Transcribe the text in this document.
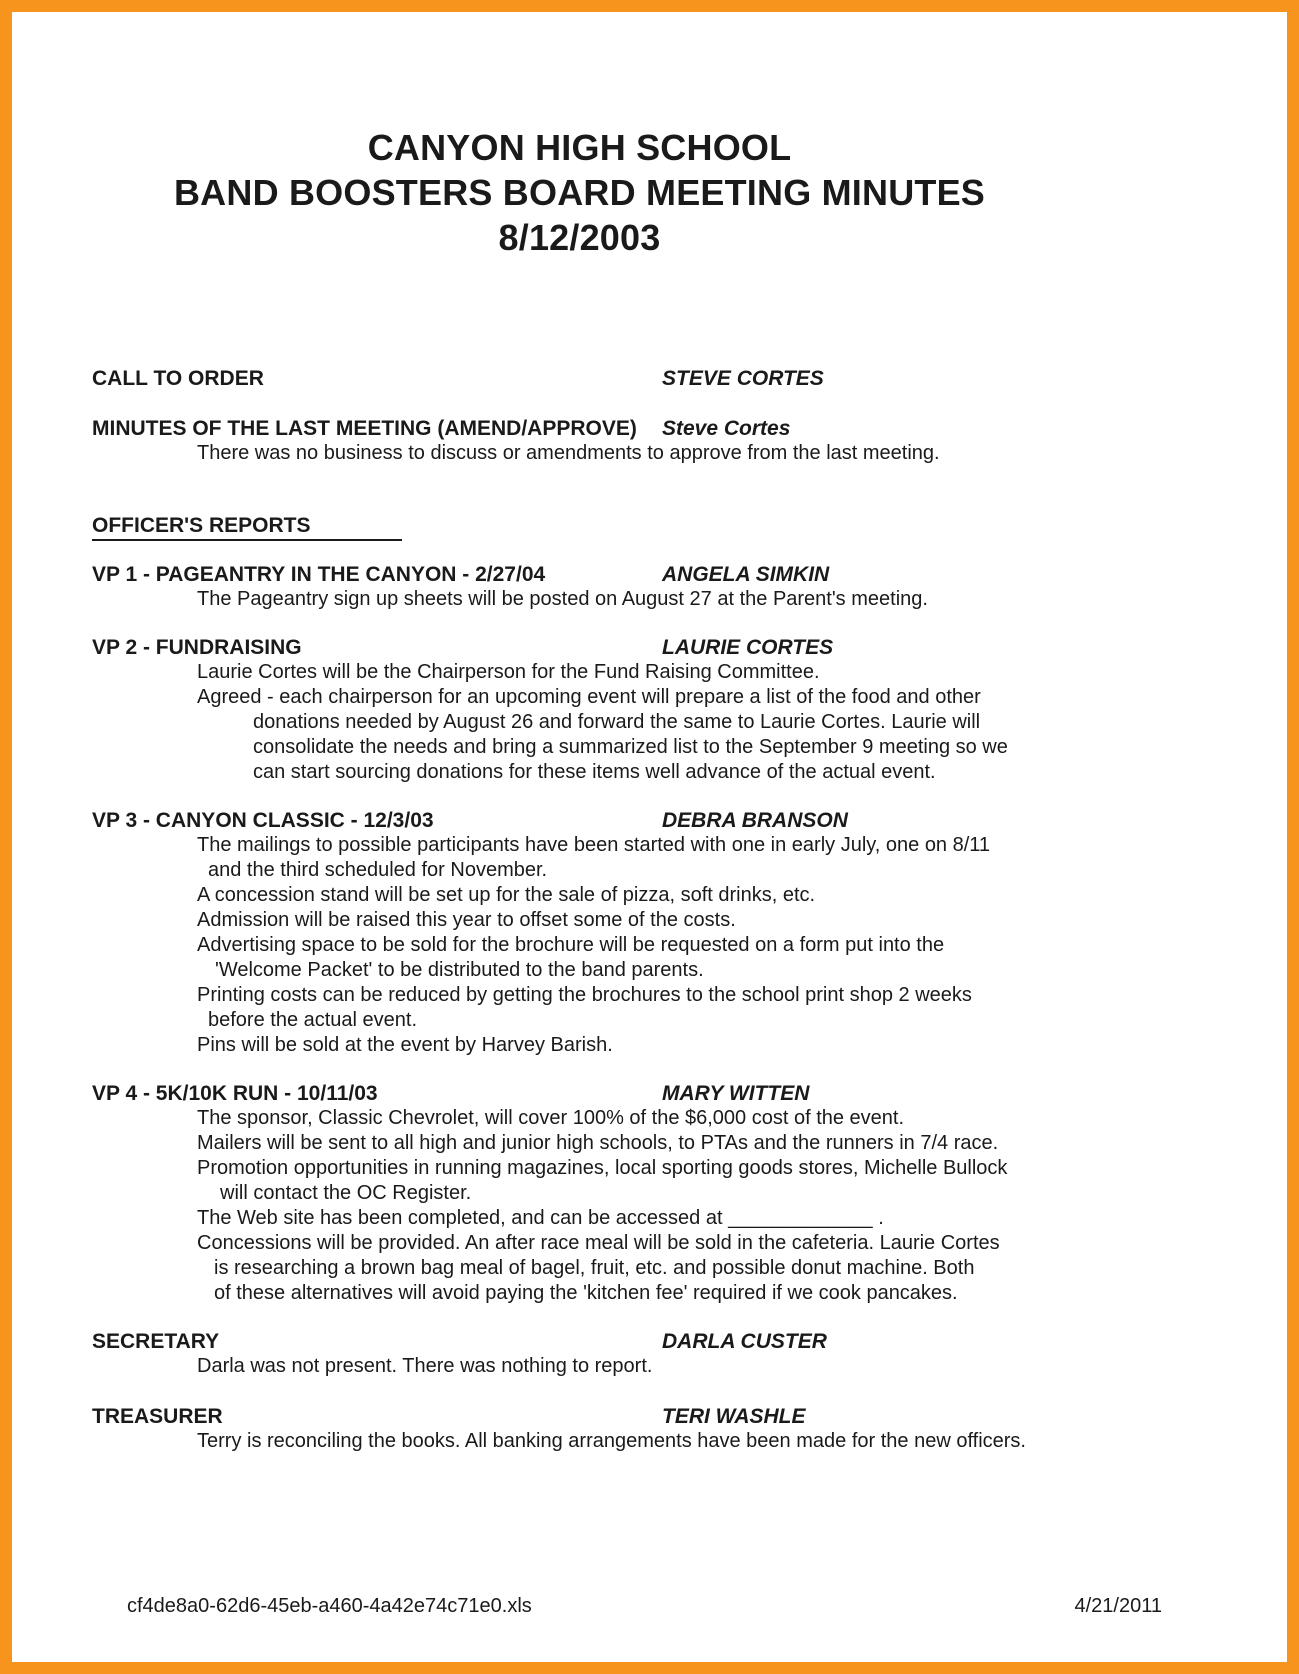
CANYON HIGH SCHOOL
BAND BOOSTERS BOARD MEETING MINUTES
8/12/2003
CALL TO ORDER	STEVE CORTES
MINUTES OF THE LAST MEETING (AMEND/APPROVE) Steve Cortes
There was no business to discuss or amendments to approve from the last meeting.
OFFICER'S REPORTS
VP 1 - PAGEANTRY IN THE CANYON - 2/27/04	ANGELA SIMKIN
The Pageantry sign up sheets will be posted on August 27 at the Parent's meeting.
VP 2 - FUNDRAISING	LAURIE CORTES
Laurie Cortes will be the Chairperson for the Fund Raising Committee.
Agreed - each chairperson for an upcoming event will prepare a list of the food and other
donations needed by August 26 and forward the same to Laurie Cortes. Laurie will
consolidate the needs and bring a summarized list to the September 9 meeting so we
can start sourcing donations for these items well advance of the actual event.
VP 3 - CANYON CLASSIC - 12/3/03	DEBRA BRANSON
The mailings to possible participants have been started with one in early July, one on 8/11
and the third scheduled for November.
A concession stand will be set up for the sale of pizza, soft drinks, etc.
Admission will be raised this year to offset some of the costs.
Advertising space to be sold for the brochure will be requested on a form put into the
'Welcome Packet' to be distributed to the band parents.
Printing costs can be reduced by getting the brochures to the school print shop 2 weeks
before the actual event.
Pins will be sold at the event by Harvey Barish.
VP 4 - 5K/10K RUN - 10/11/03	MARY WITTEN
The sponsor, Classic Chevrolet, will cover 100% of the $6,000 cost of the event.
Mailers will be sent to all high and junior high schools, to PTAs and the runners in 7/4 race.
Promotion opportunities in running magazines, local sporting goods stores, Michelle Bullock
will contact the OC Register.
The Web site has been completed, and can be accessed at _____________ .
Concessions will be provided. An after race meal will be sold in the cafeteria. Laurie Cortes
is researching a brown bag meal of bagel, fruit, etc. and possible donut machine. Both
of these alternatives will avoid paying the 'kitchen fee' required if we cook pancakes.
SECRETARY	DARLA CUSTER
Darla was not present. There was nothing to report.
TREASURER	TERI WASHLE
Terry is reconciling the books. All banking arrangements have been made for the new officers.
cf4de8a0-62d6-45eb-a460-4a42e74c71e0.xls	4/21/2011
